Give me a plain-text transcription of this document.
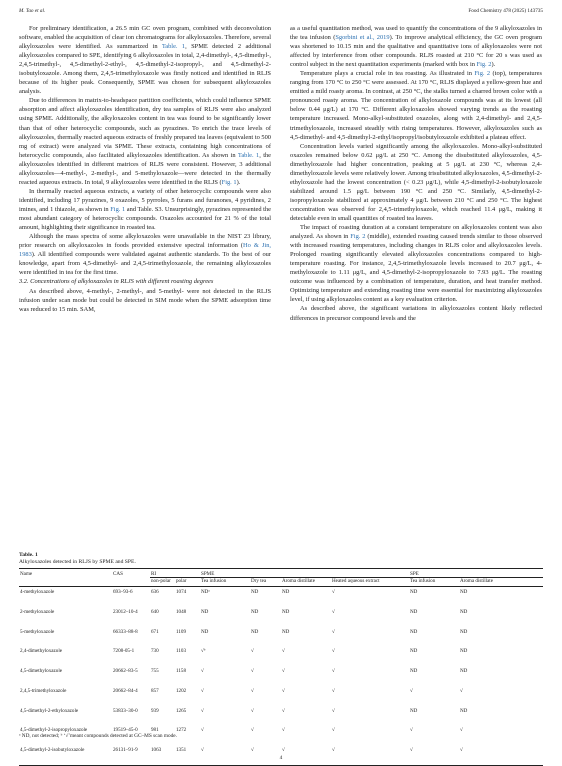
M. Tao et al.	Food Chemistry 478 (2025) 143735

For preliminary identification, a 26.5 min GC oven program, combined with deconvolution software, enabled the acquisition of clear ion chromatograms for alkyloxazoles. Therefore, several alkyloxazoles were identified. As summarized in Table. 1, SPME detected 2 additional alkyloxazoles compared to SPE, identifying 6 alkyloxazoles in total, 2,4-dimethyl-, 4,5-dimethyl-, 2,4,5-trimethyl-, 4,5-dimethyl-2-ethyl-, 4,5-dimethyl-2-isopropyl-, and 4,5-dimethyl-2-isobutyloxazole. Among them, 2,4,5-trimethyloxazole was firstly noticed and identified in RLJS because of its higher peak. Consequently, SPME was chosen for subsequent alkyloxazoles analysis.

Due to differences in matrix-to-headspace partition coefficients, which could influence SPME absorption and affect alkyloxazoles identification, dry tea samples of RLJS were also analyzed using SPME. Additionally, the alkyloxazoles content in tea was found to be significantly lower than that of other heterocyclic compounds, such as pyrazines. To enrich the trace levels of alkyloxazoles, thermally reacted aqueous extracts of freshly prepared tea leaves (equivalent to 500 mg of extract) were analyzed via SPME. These extracts, containing high concentrations of heterocyclic compounds, also facilitated alkyloxazoles identification. As shown in Table. 1, the alkyloxazoles identified in different matrices of RLJS were consistent. However, 3 additional alkyloxazoles—4-methyl-, 2-methyl-, and 5-methyloxazole—were detected in the thermally reacted aqueous extracts. In total, 9 alkyloxazoles were identified in the RLJS (Fig. 1).

In thermally reacted aqueous extracts, a variety of other heterocyclic compounds were also identified, including 17 pyrazines, 9 oxazoles, 5 pyrroles, 5 furans and furanones, 4 pyridines, 2 imines, and 1 thiazole, as shown in Fig. 1 and Table. S3. Unsurprisingly, pyrazines represented the most abundant category of heterocyclic compounds. Oxazoles accounted for 21 % of the total amount, highlighting their significance in roasted tea.

Although the mass spectra of some alkyloxazoles were unavailable in the NIST 23 library, prior research on alkyloxazoles in foods provided extensive spectral information (Ho & Jin, 1983). All identified compounds were validated against authentic standards. To the best of our knowledge, apart from 4,5-dimethyl- and 2,4,5-trimethyloxazole, the remaining alkyloxazoles were identified in tea for the first time.

3.2. Concentrations of alkyloxazoles in RLJS with different roasting degrees

As described above, 4-methyl-, 2-methyl-, and 5-methyl- were not detected in the RLJS infusion under scan mode but could be detected in SIM mode when the SPME adsorption time was reduced to 15 min. SAM,

as a useful quantitation method, was used to quantify the concentrations of the 9 alkyloxazoles in the tea infusion (Sgorbini et al., 2019). To improve analytical efficiency, the GC oven program was shortened to 10.15 min and the qualitative and quantitative ions of alkyloxazoles were not affected by interference from other compounds. RLJS roasted at 210 °C for 20 s was used as control subject in the next quantitation experiments (marked with box in Fig. 2).

Temperature plays a crucial role in tea roasting. As illustrated in Fig. 2 (top), temperatures ranging from 170 °C to 250 °C were assessed. At 170 °C, RLJS displayed a yellow-green hue and emitted a mild roasty aroma. In contrast, at 250 °C, the stalks turned a charred brown color with a pronounced roasty aroma. The concentration of alkyloxazole compounds was at its lowest (all below 0.44 μg/L) at 170 °C. Different alkyloxazoles showed varying trends as the roasting temperature increased. Mono-alkyl-substituted oxazoles, along with 2,4-dimethyl- and 2,4,5-trimethyloxazole, increased steadily with rising temperatures. However, alkyloxazoles such as 4,5-dimethyl- and 4,5-dimethyl-2-ethyl/isopropyl/isobutyloxazole exhibited a plateau effect.

Concentration levels varied significantly among the alkyloxazoles. Mono-alkyl-substituted oxazoles remained below 0.62 μg/L at 250 °C. Among the disubstituted alkyloxazoles, 4,5-dimethyloxazole had higher concentration, peaking at 5 μg/L at 230 °C, whereas 2,4-dimethyloxazole levels were relatively lower. Among trisubstituted alkyloxazoles, 4,5-dimethyl-2-ethyloxazole had the lowest concentration (< 0.23 μg/L), while 4,5-dimethyl-2-isobutyloxazole stabilized around 1.5 μg/L between 190 °C and 250 °C. Similarly, 4,5-dimethyl-2-isopropyloxazole stabilized at approximately 4 μg/L between 210 °C and 250 °C. The highest concentration was observed for 2,4,5-trimethyloxazole, which reached 11.4 μg/L, making it detectable even in small quantities of roasted tea leaves.

The impact of roasting duration at a constant temperature on alkyloxazoles content was also analyzed. As shown in Fig. 2 (middle), extended roasting caused trends similar to those observed with increased roasting temperatures, including changes in RLJS color and alkyloxazoles levels. Prolonged roasting significantly elevated alkyloxazoles concentrations compared to high-temperature roasting. For instance, 2,4,5-trimethyloxazole levels increased to 20.7 μg/L, 4-methyloxazole to 1.11 μg/L, and 4,5-dimethyl-2-isopropyloxazole to 7.93 μg/L. The roasting outcome was influenced by a combination of temperature, duration, and heat transfer method. Optimizing temperature and extending roasting time were essential for maximizing alkyloxazoles level, if using alkyloxazoles content as a key evaluation criterion.

As described above, the significant variations in alkyloxazoles content likely reflected differences in precursor compound levels and the

Table. 1
Alkyloxazoles detected in RLJS by SPME and SPE.
Name	CAS	RI		SPME				SPE	
		non-polar	polar	Tea infusion	Dry tea	Aroma distillate	Heated aqueous extract	Tea infusion	Aroma distillate
4-methyloxazole	693–93-6	636	1074	NDᵃ	ND	ND	√	ND	ND
2-methyloxazole	23012–10-4	640	1048	ND	ND	ND	√	ND	ND
5-methyloxazole	66333–88-8	671	1109	ND	ND	ND	√	ND	ND
2,4-dimethyloxazole	7208-05-1	730	1103	√ᵇ	√	√	√	ND	ND
4,5-dimethyloxazole	20662–83-5	755	1158	√	√	√	√	ND	ND
2,4,5-trimethyloxazole	20662–84-4	857	1202	√	√	√	√	√	√
4,5-dimethyl-2-ethyloxazole	53833–30-0	939	1265	√	√	√	√	ND	ND
4,5-dimethyl-2-isopropyloxazole	19519–45-0	981	1272	√	√	√	√	√	√
4,5-dimethyl-2-isobutyloxazole	26131–91-9	1063	1351	√	√	√	√	√	√
ᵃ ND, not detected; ᵇ ‘√’meant compounds detected at GC–MS scan mode.
4
